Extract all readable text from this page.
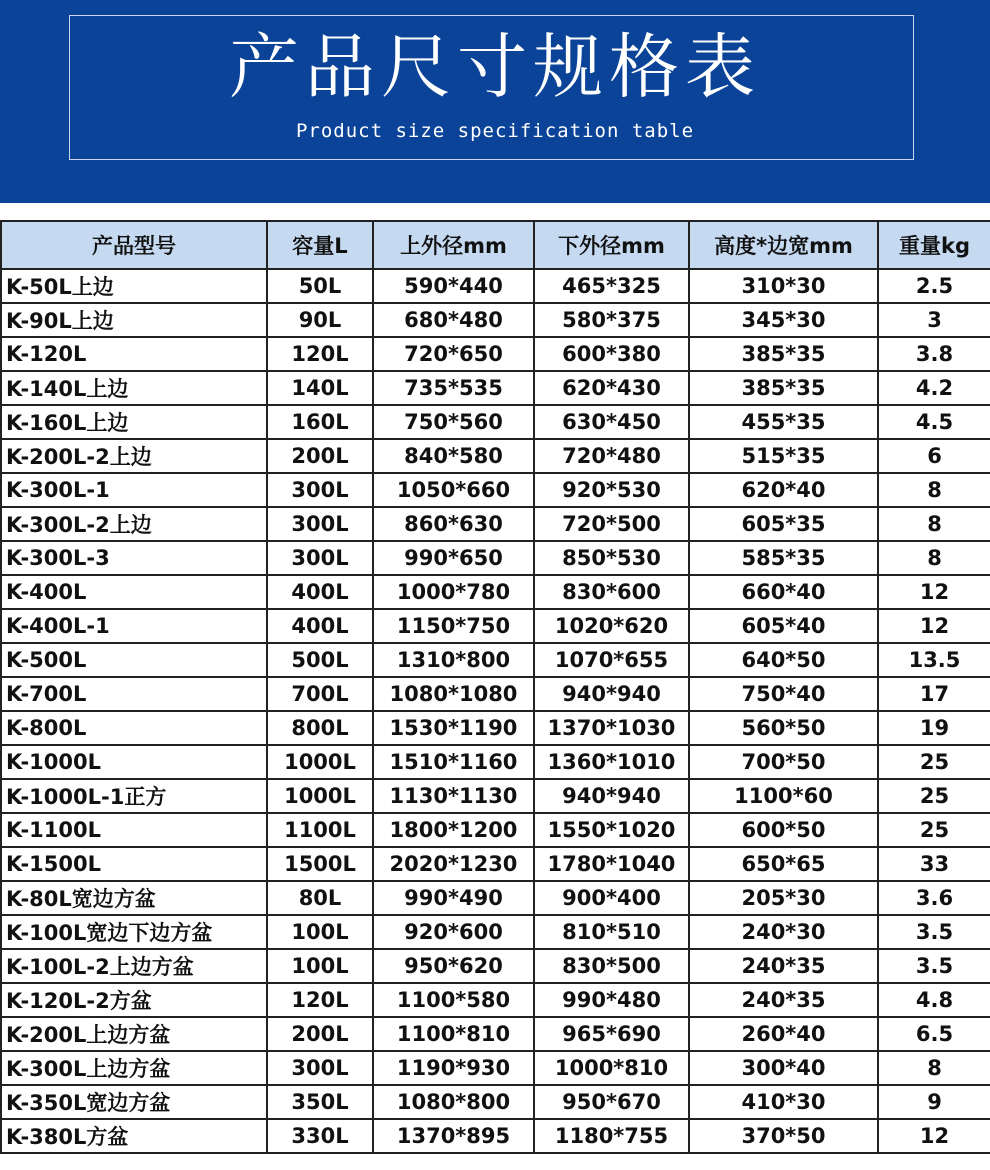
产品尺寸规格表
Product size specification table
产品型号	容量L	上外径mm	下外径mm	高度*边宽mm	重量kg
K-50L上边	50L	590*440	465*325	310*30	2.5
K-90L上边	90L	680*480	580*375	345*30	3
K-120L	120L	720*650	600*380	385*35	3.8
K-140L上边	140L	735*535	620*430	385*35	4.2
K-160L上边	160L	750*560	630*450	455*35	4.5
K-200L-2上边	200L	840*580	720*480	515*35	6
K-300L-1	300L	1050*660	920*530	620*40	8
K-300L-2上边	300L	860*630	720*500	605*35	8
K-300L-3	300L	990*650	850*530	585*35	8
K-400L	400L	1000*780	830*600	660*40	12
K-400L-1	400L	1150*750	1020*620	605*40	12
K-500L	500L	1310*800	1070*655	640*50	13.5
K-700L	700L	1080*1080	940*940	750*40	17
K-800L	800L	1530*1190	1370*1030	560*50	19
K-1000L	1000L	1510*1160	1360*1010	700*50	25
K-1000L-1正方	1000L	1130*1130	940*940	1100*60	25
K-1100L	1100L	1800*1200	1550*1020	600*50	25
K-1500L	1500L	2020*1230	1780*1040	650*65	33
K-80L宽边方盆	80L	990*490	900*400	205*30	3.6
K-100L宽边下边方盆	100L	920*600	810*510	240*30	3.5
K-100L-2上边方盆	100L	950*620	830*500	240*35	3.5
K-120L-2方盆	120L	1100*580	990*480	240*35	4.8
K-200L上边方盆	200L	1100*810	965*690	260*40	6.5
K-300L上边方盆	300L	1190*930	1000*810	300*40	8
K-350L宽边方盆	350L	1080*800	950*670	410*30	9
K-380L方盆	330L	1370*895	1180*755	370*50	12
